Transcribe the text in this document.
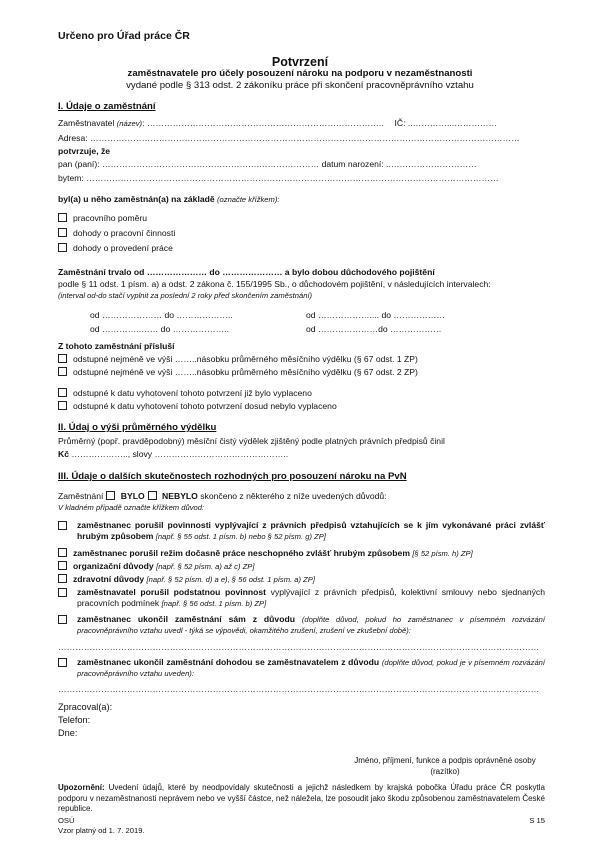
Určeno pro Úřad práce ČR
Potvrzení
zaměstnavatele pro účely posouzení nároku na podporu v nezaměstnanosti
vydané podle § 313 odst. 2 zákoníku práce při skončení pracovněprávního vztahu
I. Údaje o zaměstnání
Zaměstnavatel (název): ……………………………………………………………………….. IČ: ..…………...……………
Adresa: ……………………………………………………………………………………………………………………………………
potvrzuje, že
pan (paní): ……………………………………………….………………… datum narození: ..…………………………
bytem: ………………………………………………………………………………………………………………………………
byl(a) u něho zaměstnán(a) na základě (označte křížkem):
pracovního poměru
dohody o pracovní činnosti
dohody o provedení práce
Zaměstnání trvalo od ………………… do ………………… a bylo dobou důchodového pojištění
podle § 11 odst. 1 písm. a) a odst. 2 zákona č. 155/1995 Sb., o důchodovém pojištění, v následujících intervalech:
(interval od-do stačí vyplnit za poslední 2 roky před skončením zaměstnání)
od ………………… do ………………..	od ……………….... do ………………
od …………..…… do ………………..	od …………………do ………………
Z tohoto zaměstnání přísluší
odstupné nejméně ve výši ……..násobku průměrného měsíčního výdělku (§ 67 odst. 1 ZP)
odstupné nejméně ve výši ……..násobku průměrného měsíčního výdělku (§ 67 odst. 2 ZP)
odstupné k datu vyhotovení tohoto potvrzení již bylo vyplaceno
odstupné k datu vyhotovení tohoto potvrzení dosud nebylo vyplaceno
II. Údaj o výši průměrného výdělku
Průměrný (popř. pravděpodobný) měsíční čistý výdělek zjištěný podle platných právních předpisů činil
Kč ……………….., slovy ………………………………………..
III. Údaje o dalších skutečnostech rozhodných pro posouzení nároku na PvN
Zaměstnání BYLO NEBYLO skončeno z některého z níže uvedených důvodů:
V kladném případě označte křížkem důvod:
zaměstnanec porušil povinnosti vyplývající z právních předpisů vztahujících se k jím vykonávané práci zvlášť hrubým způsobem [např. § 55 odst. 1 písm. b) nebo § 52 písm. g) ZP]
zaměstnanec porušil režim dočasně práce neschopného zvlášť hrubým způsobem [§ 52 písm. h) ZP]
organizační důvody [např. § 52 písm. a) až c) ZP]
zdravotní důvody [např. § 52 písm. d) a e), § 56 odst. 1 písm. a) ZP]
zaměstnavatel porušil podstatnou povinnost vyplývající z právních předpisů, kolektivní smlouvy nebo sjednaných pracovních podmínek [např. § 56 odst. 1 písm. b) ZP]
zaměstnanec ukončil zaměstnání sám z důvodu (doplňte důvod, pokud ho zaměstnanec v písemném rozvázání pracovněprávního vztahu uvedl - týká se výpovědi, okamžitého zrušení, zrušení ve zkušební době):
……………………………………………………………………………………………………………………………………………………
zaměstnanec ukončil zaměstnání dohodou se zaměstnavatelem z důvodu (doplňte důvod, pokud je v písemném rozvázání pracovněprávního vztahu uveden):
……………………………………………………………………………………………………………………………………………………
Zpracoval(a):
Telefon:
Dne:
Jméno, příjmení, funkce a podpis oprávněné osoby
(razítko)
Upozornění: Uvedení údajů, které by neodpovídaly skutečnosti a jejichž následkem by krajská pobočka Úřadu práce ČR poskytla podporu v nezaměstnanosti neprávem nebo ve vyšší částce, než náležela, lze posoudit jako škodu způsobenou zaměstnavatelem České republice.
OSÚ
Vzor platný od 1. 7. 2019.
S 15
